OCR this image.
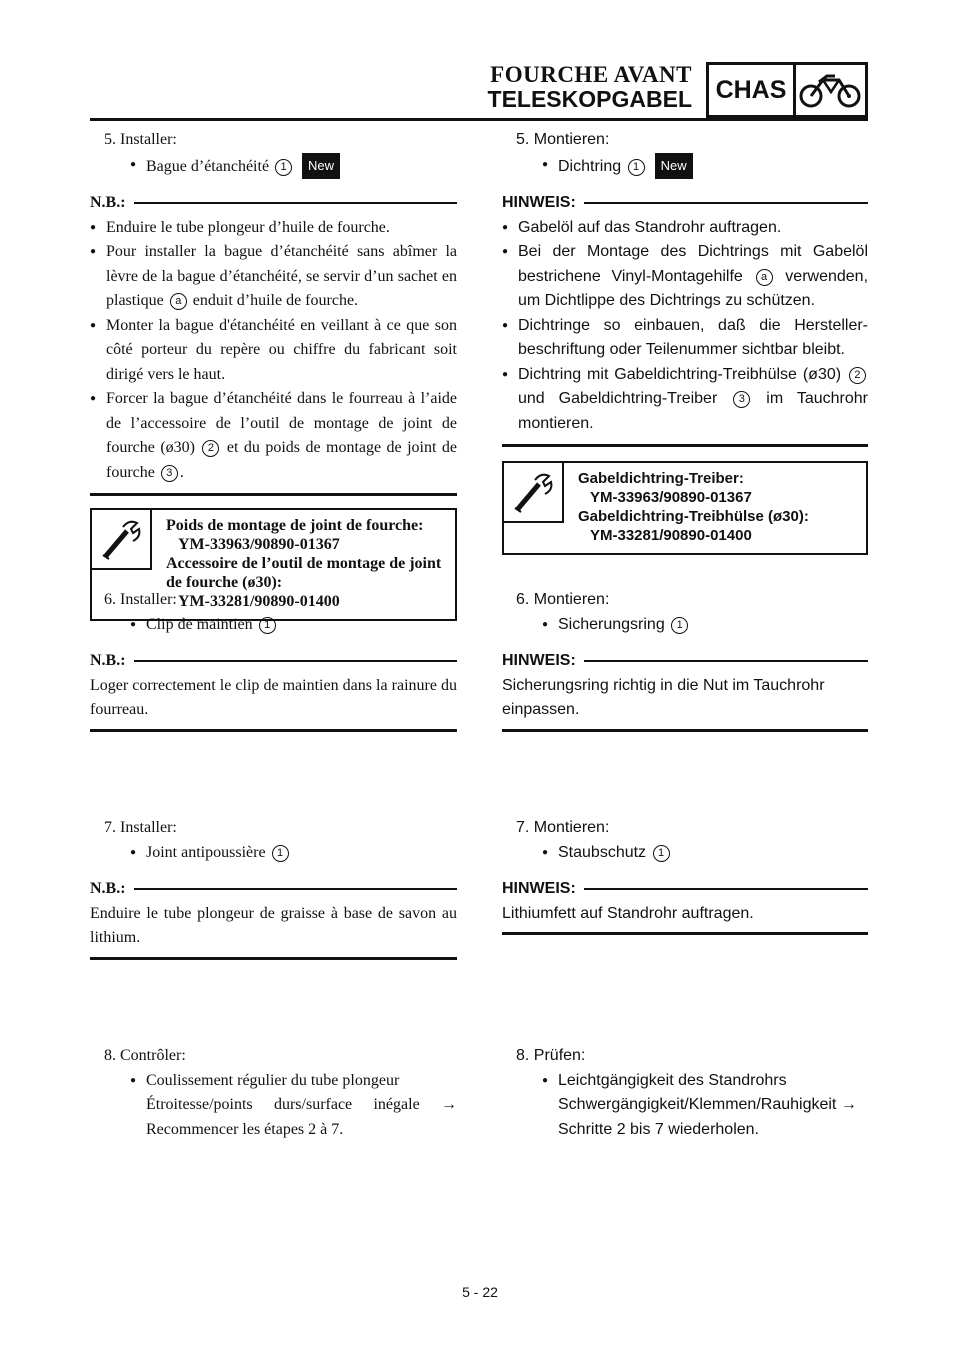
FOURCHE AVANT
TELESKOPGABEL CHAS
5. Installer:
● Bague d’étanchéité 1 New
N.B.:
● Enduire le tube plongeur d’huile de fourche.
● Pour installer la bague d’étanchéité sans abîmer la lèvre de la bague d’étanchéité, se servir d’un sachet en plastique a enduit d’huile de fourche.
● Monter la bague d'étanchéité en veillant à ce que son côté porteur du repère ou chiffre du fabricant soit dirigé vers le haut.
● Forcer la bague d’étanchéité dans le fourreau à l’aide de l’accessoire de l’outil de montage de joint de fourche (ø30) 2 et du poids de montage de joint de fourche 3 .
Poids de montage de joint de fourche:
YM-33963/90890-01367
Accessoire de l’outil de montage de joint de fourche (ø30):
YM-33281/90890-01400
6. Installer:
● Clip de maintien 1
N.B.:
Loger correctement le clip de maintien dans la rainure du fourreau.
7. Installer:
● Joint antipoussière 1
N.B.:
Enduire le tube plongeur de graisse à base de savon au lithium.
8. Contrôler:
● Coulissement régulier du tube plongeur
Étroitesse/points durs/surface inégale → Recommencer les étapes 2 à 7.
5. Montieren:
● Dichtring 1 New
HINWEIS:
● Gabelöl auf das Standrohr auftragen.
● Bei der Montage des Dichtrings mit Gabelöl bestrichene Vinyl-Montagehilfe a verwenden, um Dichtlippe des Dichtrings zu schützen.
● Dichtringe so einbauen, daß die Hersteller-beschriftung oder Teilenummer sichtbar bleibt.
● Dichtring mit Gabeldichtring-Treibhülse (ø30) 2 und Gabeldichtring-Treiber 3 im Tauchrohr montieren.
Gabeldichtring-Treiber:
YM-33963/90890-01367
Gabeldichtring-Treibhülse (ø30):
YM-33281/90890-01400
6. Montieren:
● Sicherungsring 1
HINWEIS:
Sicherungsring richtig in die Nut im Tauchrohr einpassen.
7. Montieren:
● Staubschutz 1
HINWEIS:
Lithiumfett auf Standrohr auftragen.
8. Prüfen:
● Leichtgängigkeit des Standrohrs
Schwergängigkeit/Klemmen/Rauhigkeit → Schritte 2 bis 7 wiederholen.
5 - 22
